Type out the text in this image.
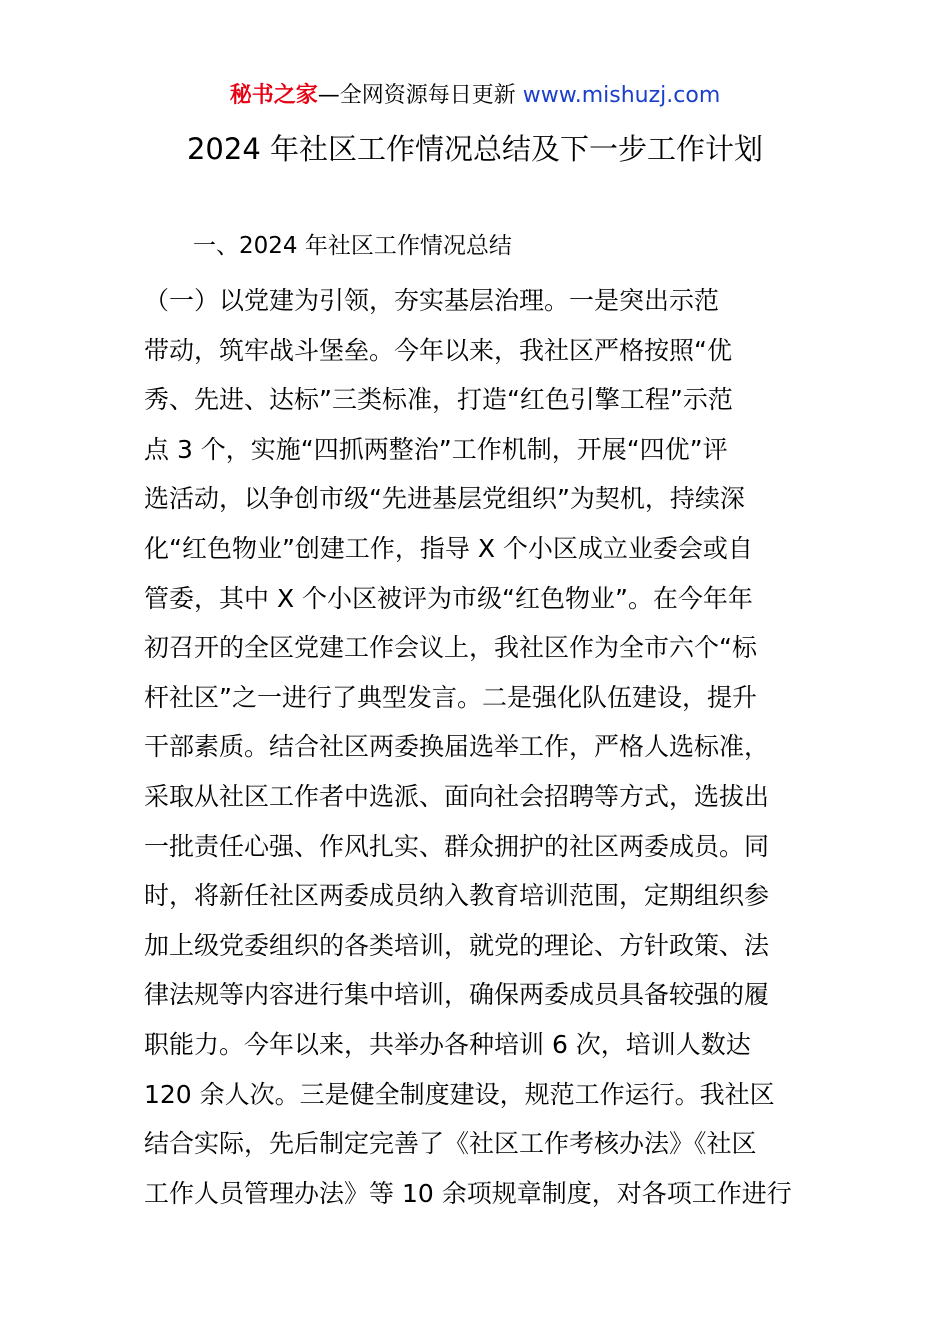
秘书之家—全网资源每日更新 www.mishuzj.com
2024 年社区工作情况总结及下一步工作计划
一、2024 年社区工作情况总结
（一）以党建为引领，夯实基层治理。一是突出示范
带动，筑牢战斗堡垒。今年以来，我社区严格按照“优
秀、先进、达标”三类标准，打造“红色引擎工程”示范
点 3 个，实施“四抓两整治”工作机制，开展“四优”评
选活动，以争创市级“先进基层党组织”为契机，持续深
化“红色物业”创建工作，指导 X 个小区成立业委会或自
管委，其中 X 个小区被评为市级“红色物业”。在今年年
初召开的全区党建工作会议上，我社区作为全市六个“标
杆社区”之一进行了典型发言。二是强化队伍建设，提升
干部素质。结合社区两委换届选举工作，严格人选标准，
采取从社区工作者中选派、面向社会招聘等方式，选拔出
一批责任心强、作风扎实、群众拥护的社区两委成员。同
时，将新任社区两委成员纳入教育培训范围，定期组织参
加上级党委组织的各类培训，就党的理论、方针政策、法
律法规等内容进行集中培训，确保两委成员具备较强的履
职能力。今年以来，共举办各种培训 6 次，培训人数达
120 余人次。三是健全制度建设，规范工作运行。我社区
结合实际，先后制定完善了《社区工作考核办法》《社区
工作人员管理办法》等 10 余项规章制度，对各项工作进行
